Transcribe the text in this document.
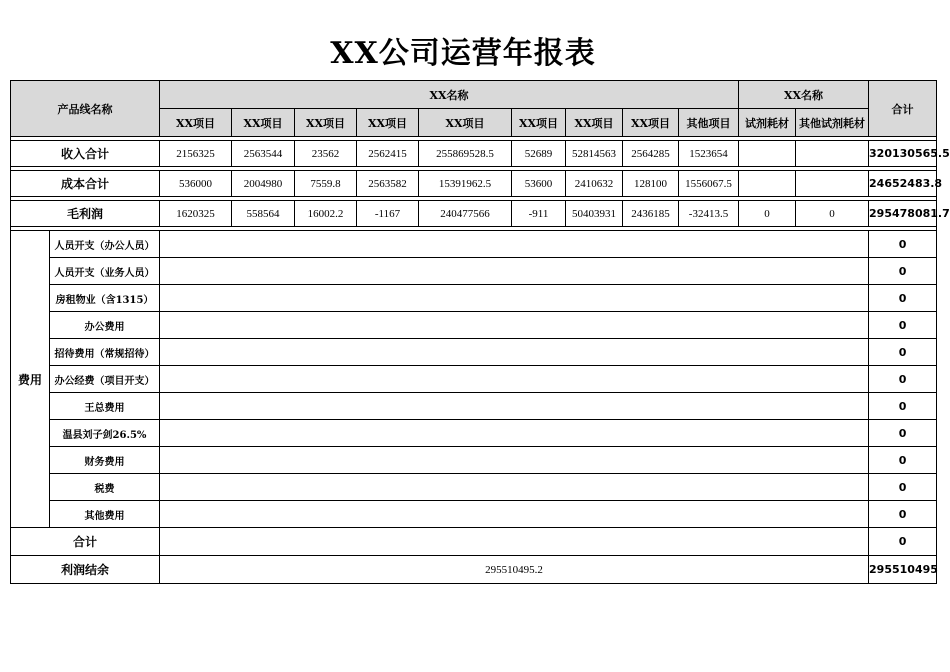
XX公司运营年报表
产品线名称		XX名称									XX名称		合计
		XX项目	XX项目	XX项目	XX项目	XX项目	XX项目	XX项目	XX项目	其他项目	试剂耗材	其他试剂耗材	

收入合计		2156325	2563544	23562	2562415	255869528.5	52689	52814563	2564285	1523654			320130565.5

成本合计		536000	2004980	7559.8	2563582	15391962.5	53600	2410632	128100	1556067.5			24652483.8

毛利润		1620325	558564	16002.2	-1167	240477566	-911	50403931	2436185	-32413.5	0	0	295478081.7

费用	人员开支（办公人员）												0
	人员开支（业务人员）												0
	房租物业（含1315）												0
	办公费用												0
	招待费用（常规招待）												0
	办公经费（项目开支）												0
	王总费用												0
	温县刘子剑26.5%												0
	财务费用												0
	税费												0
	其他费用												0
合计													0
利润结余		295510495.2											295510495
